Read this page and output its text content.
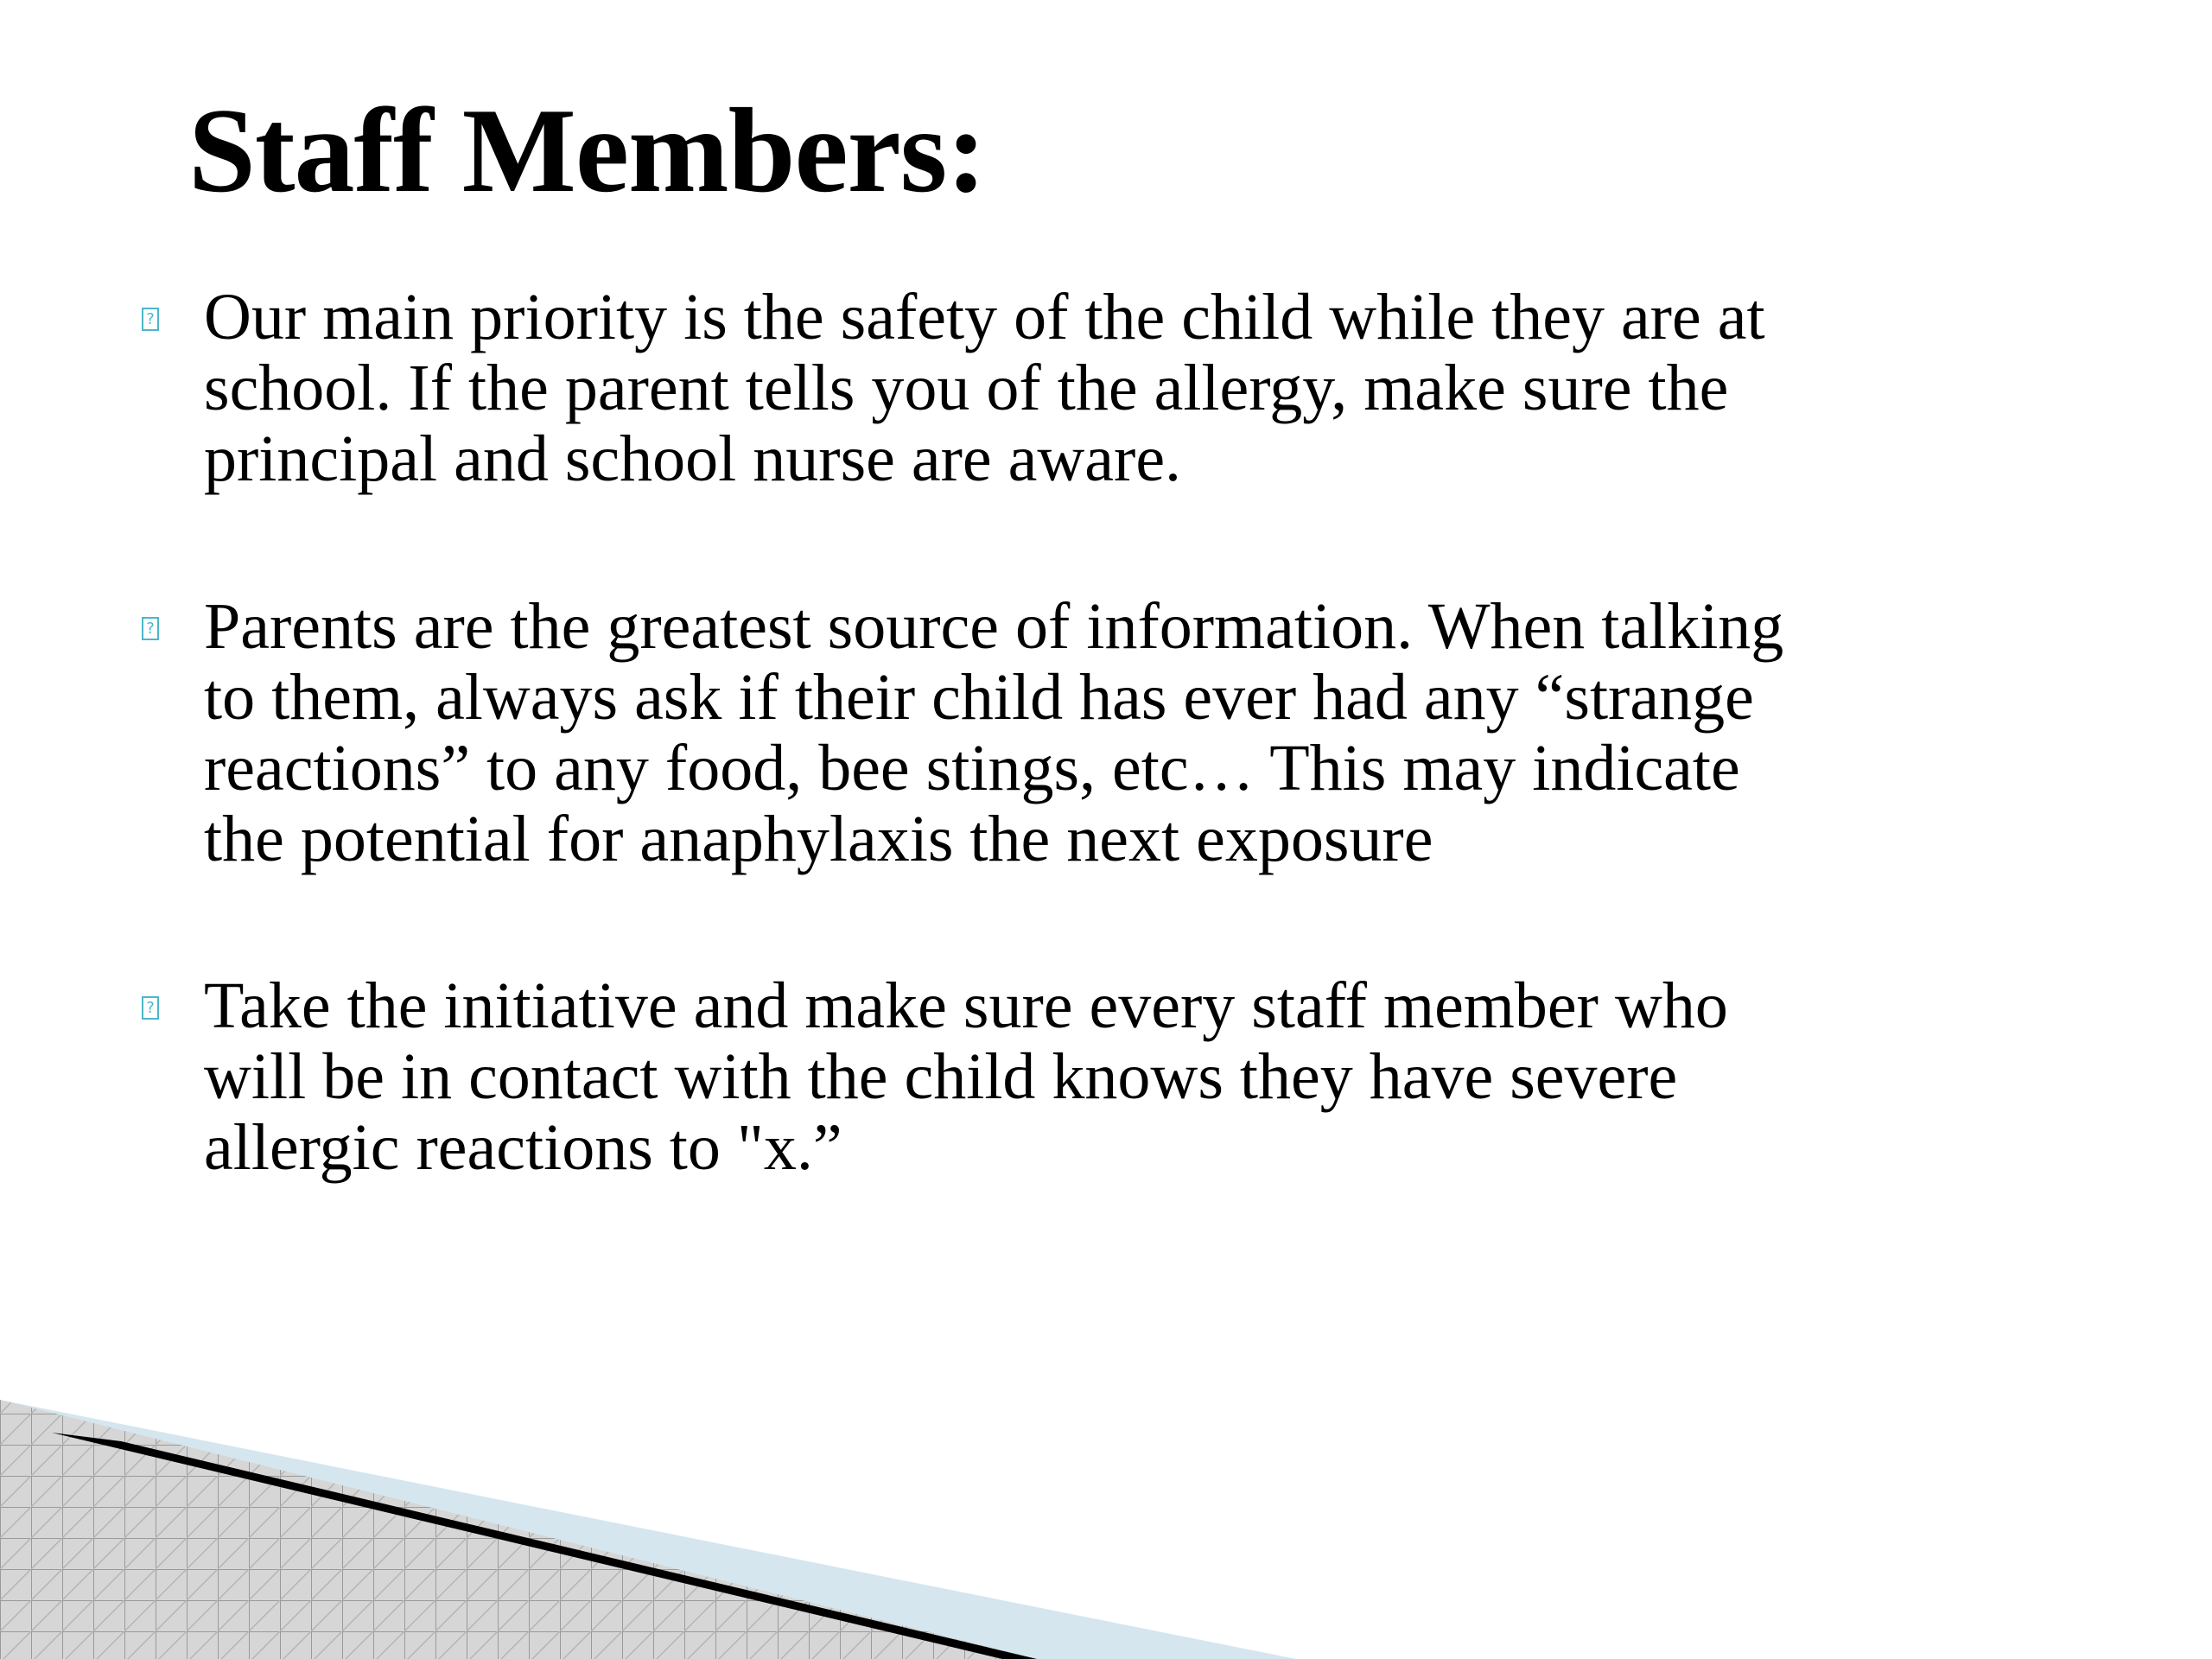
Staff Members:
? Our main priority is the safety of the child while they are at
school. If the parent tells you of the allergy, make sure the
principal and school nurse are aware.
? Parents are the greatest source of information. When talking
to them, always ask if their child has ever had any “strange
reactions” to any food, bee stings, etc… This may indicate
the potential for anaphylaxis the next exposure
? Take the initiative and make sure every staff member who
will be in contact with the child knows they have severe
allergic reactions to "x.”
